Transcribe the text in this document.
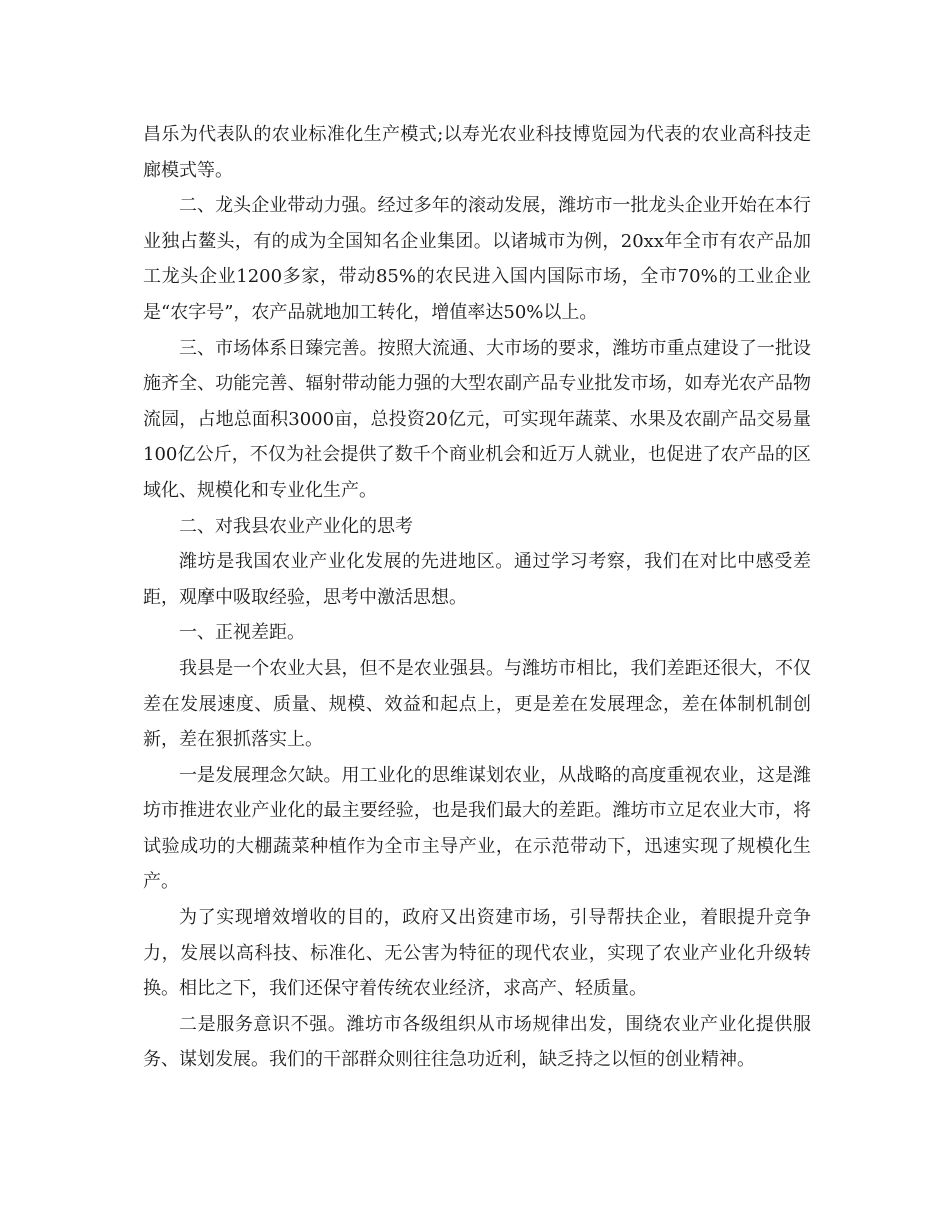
昌乐为代表队的农业标准化生产模式;以寿光农业科技博览园为代表的农业高科技走廊模式等。

二、龙头企业带动力强。经过多年的滚动发展，潍坊市一批龙头企业开始在本行业独占鳌头，有的成为全国知名企业集团。以诸城市为例，20xx年全市有农产品加工龙头企业1200多家，带动85%的农民进入国内国际市场，全市70%的工业企业是“农字号”，农产品就地加工转化，增值率达50%以上。

三、市场体系日臻完善。按照大流通、大市场的要求，潍坊市重点建设了一批设施齐全、功能完善、辐射带动能力强的大型农副产品专业批发市场，如寿光农产品物流园，占地总面积3000亩，总投资20亿元，可实现年蔬菜、水果及农副产品交易量100亿公斤，不仅为社会提供了数千个商业机会和近万人就业，也促进了农产品的区域化、规模化和专业化生产。

二、对我县农业产业化的思考

潍坊是我国农业产业化发展的先进地区。通过学习考察，我们在对比中感受差距，观摩中吸取经验，思考中激活思想。

一、正视差距。

我县是一个农业大县，但不是农业强县。与潍坊市相比，我们差距还很大，不仅差在发展速度、质量、规模、效益和起点上，更是差在发展理念，差在体制机制创新，差在狠抓落实上。

一是发展理念欠缺。用工业化的思维谋划农业，从战略的高度重视农业，这是潍坊市推进农业产业化的最主要经验，也是我们最大的差距。潍坊市立足农业大市，将试验成功的大棚蔬菜种植作为全市主导产业，在示范带动下，迅速实现了规模化生产。

为了实现增效增收的目的，政府又出资建市场，引导帮扶企业，着眼提升竞争力，发展以高科技、标准化、无公害为特征的现代农业，实现了农业产业化升级转换。相比之下，我们还保守着传统农业经济，求高产、轻质量。

二是服务意识不强。潍坊市各级组织从市场规律出发，围绕农业产业化提供服务、谋划发展。我们的干部群众则往往急功近利，缺乏持之以恒的创业精神。
